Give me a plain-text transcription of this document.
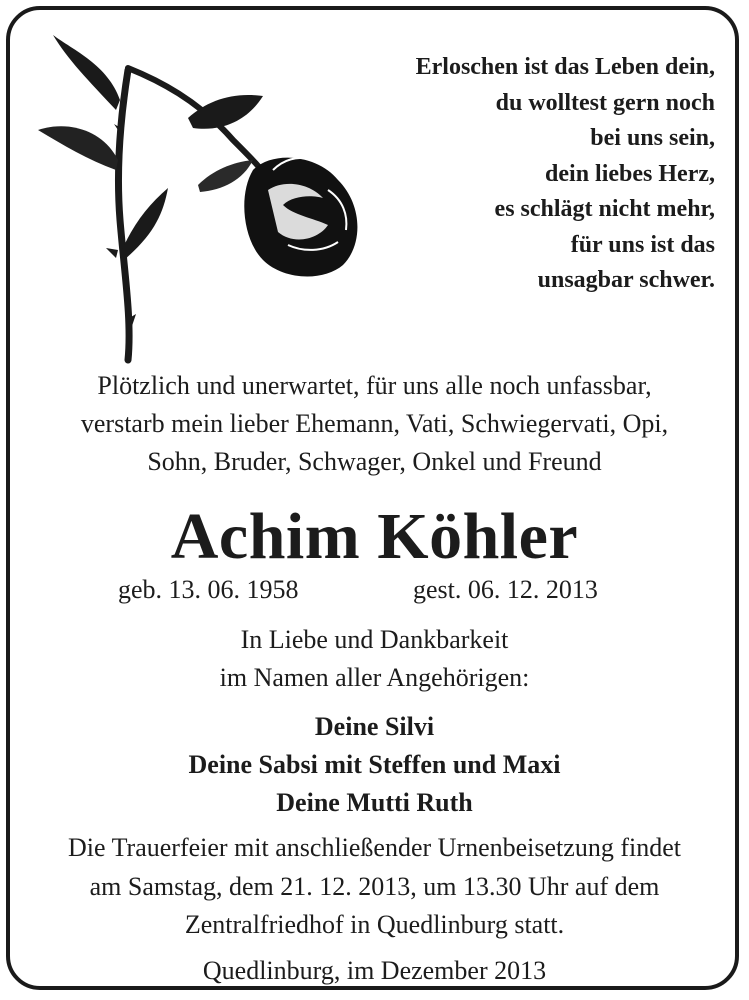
Erloschen ist das Leben dein,
du wolltest gern noch
bei uns sein,
dein liebes Herz,
es schlägt nicht mehr,
für uns ist das
unsagbar schwer.
Plötzlich und unerwartet, für uns alle noch unfassbar,
verstarb mein lieber Ehemann, Vati, Schwiegervati, Opi,
Sohn, Bruder, Schwager, Onkel und Freund
Achim Köhler
geb. 13. 06. 1958	gest. 06. 12. 2013
In Liebe und Dankbarkeit
im Namen aller Angehörigen:
Deine Silvi
Deine Sabsi mit Steffen und Maxi
Deine Mutti Ruth
Die Trauerfeier mit anschließender Urnenbeisetzung findet
am Samstag, dem 21. 12. 2013, um 13.30 Uhr auf dem
Zentralfriedhof in Quedlinburg statt.
Quedlinburg, im Dezember 2013
